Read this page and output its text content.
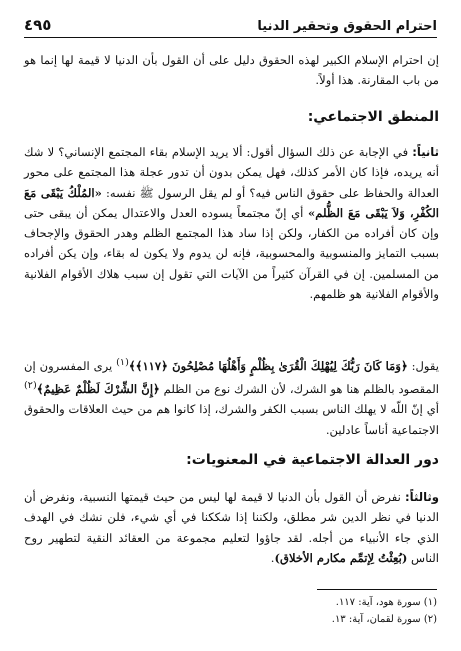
احترام الحقوق وتحقير الدنيا
٤٩٥
إن احترام الإسلام الكبير لهذه الحقوق دليل على أن القول بأن الدنيا لا قيمة لها إنما هو من باب المقارنة. هذا أولاً.
المنطق الاجتماعي:
ثانياً: في الإجابة عن ذلك السؤال أقول: ألا يريد الإسلام بقاء المجتمع الإنساني؟ لا شك أنه يريده، فإذا كان الأمر كذلك، فهل يمكن بدون أن تدور عجلة هذا المجتمع على محور العدالة والحفاظ على حقوق الناس فيه؟ أو لم يقل الرسول ﷺ نفسه: «المُلْكُ يَبْقَى مَعَ الكُفْرِ، وَلاَ يَبْقَى مَعَ الظُّلم» أي إنّ مجتمعاً يسوده العدل والاعتدال يمكن أن يبقى حتى وإن كان أفراده من الكفار، ولكن إذا ساد هذا المجتمع الظلم وهدر الحقوق والإجحاف بسبب التمايز والمنسوبية والمحسوبية، فإنه لن يدوم ولا يكون له بقاء، وإن يكن أفراده من المسلمين. إن في القرآن كثيراً من الآيات التي تقول إن سبب هلاك الأقوام الفلانية والأقوام الفلانية هو ظلمهم.
يقول: ﴿وَمَا كَانَ رَبُّكَ لِيُهْلِكَ الْقُرَىٰ بِظُلْمٍ وَأَهْلُهَا مُصْلِحُونَ ﴿١١٧﴾﴾$^{(١)}$ يرى المفسرون إن المقصود بالظلم هنا هو الشرك، لأن الشرك نوع من الظلم ﴿إِنَّ الشِّرْكَ لَظُلْمٌ عَظِيمٌ﴾$^{(٢)}$ أي إنّ اللّه لا يهلك الناس بسبب الكفر والشرك، إذا كانوا هم من حيث العلاقات والحقوق الاجتماعية أناساً عادلين.
دور العدالة الاجتماعية في المعنويات:
وثالثاً: نفرض أن القول بأن الدنيا لا قيمة لها ليس من حيث قيمتها النسبية، ونفرض أن الدنيا في نظر الدين شر مطلق، ولكننا إذا شككنا في أي شيء، فلن نشك في الهدف الذي جاء الأنبياء من أجله. لقد جاؤوا لتعليم مجموعة من العقائد النقية لتطهير روح الناس (بُعِثْتُ لِإتمِّم مكارم الأخلاق).
(١) سورة هود، آية: ١١٧.
(٢) سورة لقمان، آية: ١٣.
